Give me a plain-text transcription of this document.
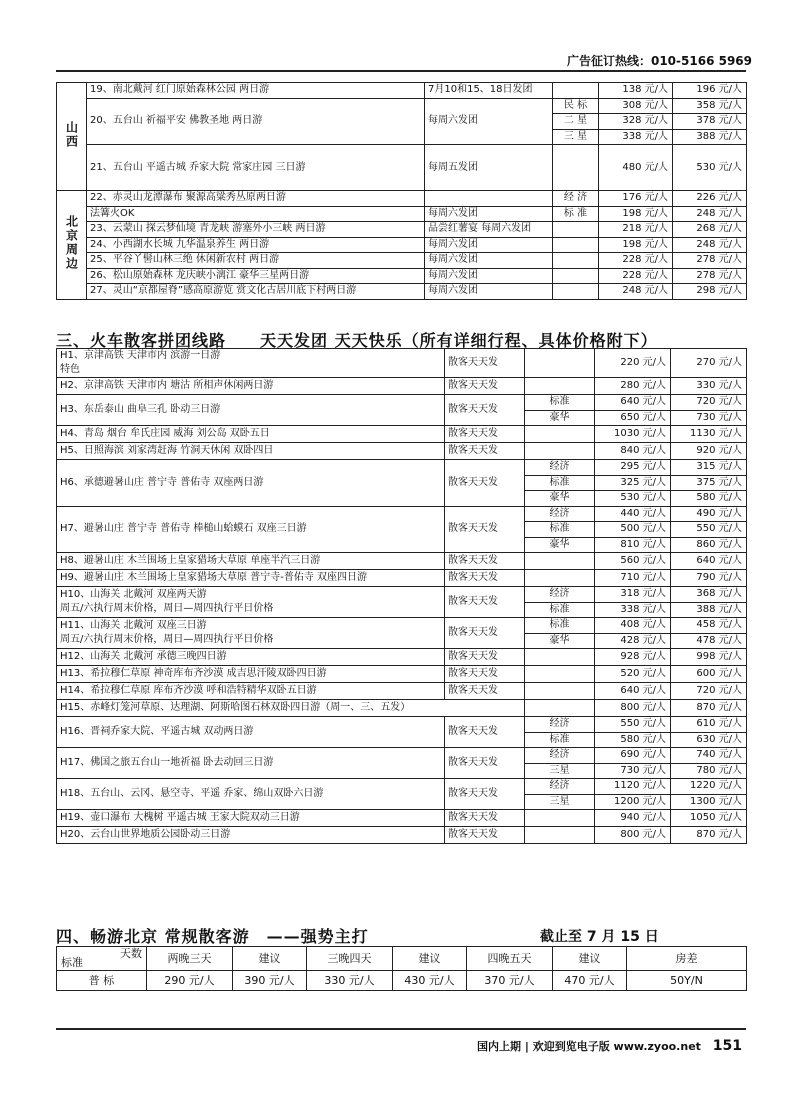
广告征订热线：010-5166 5969
山西	19、南北戴河 红门原始森林公园 两日游	7月10和15、18日发团		138 元/人	196 元/人
	20、五台山 祈福平安 佛教圣地 两日游	每周六发团	民 标	308 元/人	358 元/人
			二 星	328 元/人	378 元/人
			三 星	338 元/人	388 元/人
	21、五台山 平遥古城 乔家大院 常家庄园 三日游	每周五发团		480 元/人	530 元/人
北京周边	22、赤灵山龙潭瀑布 聚源高粱秀丛原两日游		经 济	176 元/人	226 元/人
	法篝火OK	每周六发团	标 准	198 元/人	248 元/人
	23、云蒙山 探云梦仙境 青龙峡 游塞外小三峡 两日游	品尝红薯宴 每周六发团		218 元/人	268 元/人
	24、小西湖水长城 九华温泉养生 两日游	每周六发团		198 元/人	248 元/人
	25、平谷丫髻山林三绝 休闲新农村 两日游	每周六发团		228 元/人	278 元/人
	26、松山原始森林 龙庆峡小漓江 豪华三星两日游	每周六发团		228 元/人	278 元/人
	27、灵山“京都屋脊”感高原游览 赏文化古居川底下村两日游	每周六发团		248 元/人	298 元/人
三、火车散客拼团线路　　天天发团 天天快乐（所有详细行程、具体价格附下）
H1、京津高铁 天津市内 滨游一日游
特色	散客天天发		220 元/人	270 元/人

H2、京津高铁 天津市内 塘沽 所相声休闲两日游	散客天天发		280 元/人	330 元/人

H3、东岳泰山 曲阜三孔 卧动三日游	散客天天发	标准	640 元/人	720 元/人
		豪华	650 元/人	730 元/人

H4、青岛 烟台 牟氏庄园 威海 刘公岛 双卧五日	散客天天发		1030 元/人	1130 元/人

H5、日照海滨 刘家湾赶海 竹洞天休闲 双卧四日	散客天天发		840 元/人	920 元/人

H6、承德避暑山庄 普宁寺 普佑寺 双座两日游	散客天天发	经济	295 元/人	315 元/人
		标准	325 元/人	375 元/人
		豪华	530 元/人	580 元/人

H7、避暑山庄 普宁寺 普佑寺 棒槌山蛤蟆石 双座三日游	散客天天发	经济	440 元/人	490 元/人
		标准	500 元/人	550 元/人
		豪华	810 元/人	860 元/人

H8、避暑山庄 木兰围场上皇家猎场大草原 单座半汽三日游	散客天天发		560 元/人	640 元/人

H9、避暑山庄 木兰围场上皇家猎场大草原 普宁寺-普佑寺 双座四日游	散客天天发		710 元/人	790 元/人

H10、山海关 北戴河 双座两天游
周五/六执行周末价格，周日—周四执行平日价格	散客天天发	经济	318 元/人	368 元/人
		标准	338 元/人	388 元/人

H11、山海关 北戴河 双座三日游
周五/六执行周末价格，周日—周四执行平日价格	散客天天发	标准	408 元/人	458 元/人
		豪华	428 元/人	478 元/人

H12、山海关 北戴河 承德三晚四日游	散客天天发		928 元/人	998 元/人

H13、希拉穆仁草原 神奇库布齐沙漠 成吉思汗陵双卧四日游	散客天天发		520 元/人	600 元/人

H14、希拉穆仁草原 库布齐沙漠 呼和浩特精华双卧五日游	散客天天发		640 元/人	720 元/人

H15、赤峰灯笼河草原、达理湖、阿斯哈图石林双卧四日游（周一、三、五发）			800 元/人	870 元/人

H16、晋祠乔家大院、平遥古城 双动两日游	散客天天发	经济	550 元/人	610 元/人
		标准	580 元/人	630 元/人

H17、佛国之旅五台山一地祈福 卧去动回三日游	散客天天发	经济	690 元/人	740 元/人
		三星	730 元/人	780 元/人

H18、五台山、云冈、悬空寺、平遥 乔家、绵山双卧六日游	散客天天发	经济	1120 元/人	1220 元/人
		三星	1200 元/人	1300 元/人

H19、壶口瀑布 大槐树 平遥古城 王家大院双动三日游	散客天天发		940 元/人	1050 元/人

H20、云台山世界地质公园卧动三日游	散客天天发		800 元/人	870 元/人
四、畅游北京 常规散客游　——强势主打	截止至 7 月 15 日
天数
标准	两晚三天	建议	三晚四天	建议	四晚五天	建议	房差
普 标	290 元/人	390 元/人	330 元/人	430 元/人	370 元/人	470 元/人	50Y/N
国内上期 | 欢迎到览电子版 www.zyoo.net 151
